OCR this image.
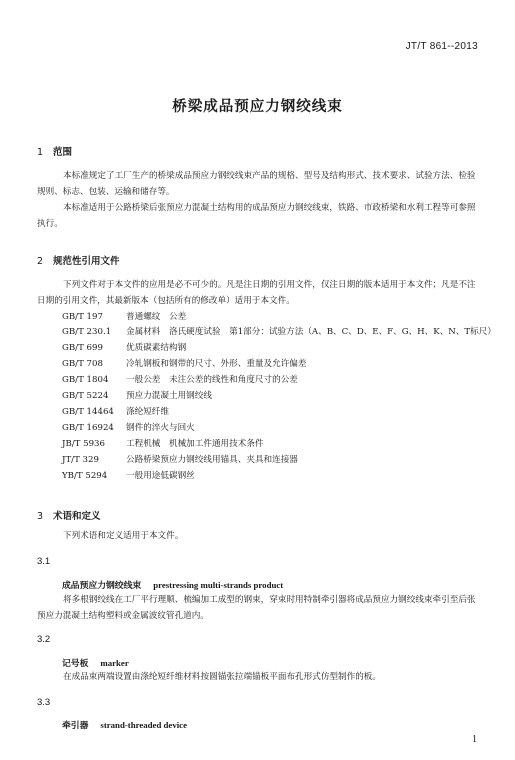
JT/T 861--2013
桥梁成品预应力钢绞线束
1 范围
本标准规定了工厂生产的桥梁成品预应力钢绞线束产品的规格、型号及结构形式、技术要求、试验方法、检验规则、标志、包装、运输和储存等。
本标准适用于公路桥梁后张预应力混凝土结构用的成品预应力钢绞线束，铁路、市政桥梁和水利工程等可参照执行。
2 规范性引用文件
下列文件对于本文件的应用是必不可少的。凡是注日期的引用文件，仅注日期的版本适用于本文件；凡是不注日期的引用文件，其最新版本（包括所有的修改单）适用于本文件。
GB/T 197	普通螺纹　公差
GB/T 230.1 金属材料　洛氏硬度试验　第1部分：试验方法（A、B、C、D、E、F、G、H、K、N、T标尺）
GB/T 699	优质碳素结构钢
GB/T 708	冷轧钢板和钢带的尺寸、外形、重量及允许偏差
GB/T 1804 一般公差　未注公差的线性和角度尺寸的公差
GB/T 5224 预应力混凝土用钢绞线
GB/T 14464 涤纶短纤维
GB/T 16924 钢件的淬火与回火
JB/T 5936 工程机械　机械加工件通用技术条件
JT/T 329	公路桥梁预应力钢绞线用锚具、夹具和连接器
YB/T 5294 一般用途低碳钢丝
3 术语和定义
下列术语和定义适用于本文件。
3.1
成品预应力钢绞线束 prestressing multi-strands product
将多根钢绞线在工厂平行理顺、梳编加工成型的钢束，穿束时用特制牵引器将成品预应力钢绞线束牵引至后张预应力混凝土结构塑料或金属波纹管孔道内。
3.2
记号板 marker
在成品束两端设置由涤纶短纤维材料按圆锚张拉端锚板平面布孔形式仿型制作的板。
3.3
牵引器 strand-threaded device
1
